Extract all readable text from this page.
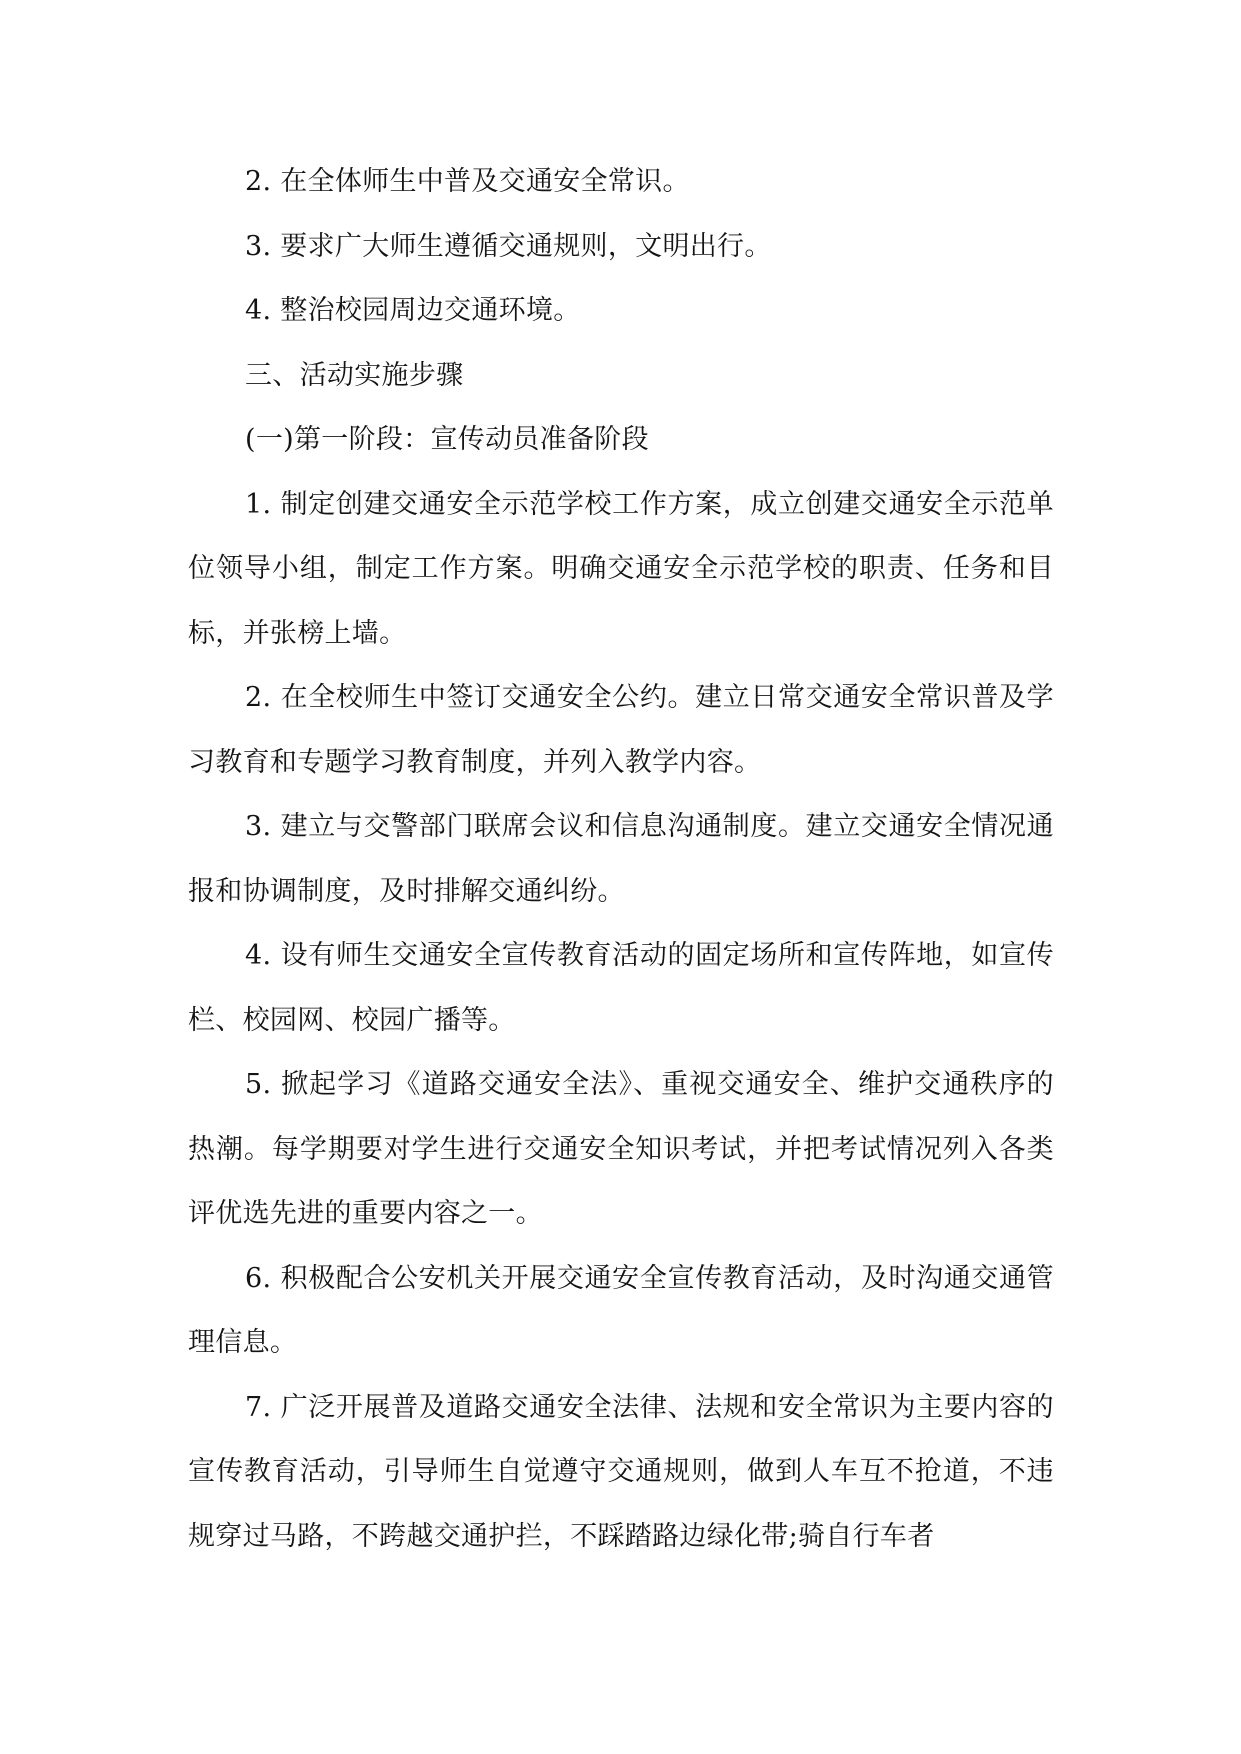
2. 在全体师生中普及交通安全常识。

3. 要求广大师生遵循交通规则，文明出行。

4. 整治校园周边交通环境。

三、活动实施步骤

(一)第一阶段：宣传动员准备阶段

1. 制定创建交通安全示范学校工作方案，成立创建交通安全示范单位领导小组，制定工作方案。明确交通安全示范学校的职责、任务和目标，并张榜上墙。

2. 在全校师生中签订交通安全公约。建立日常交通安全常识普及学习教育和专题学习教育制度，并列入教学内容。

3. 建立与交警部门联席会议和信息沟通制度。建立交通安全情况通报和协调制度，及时排解交通纠纷。

4. 设有师生交通安全宣传教育活动的固定场所和宣传阵地，如宣传栏、校园网、校园广播等。

5. 掀起学习《道路交通安全法》、重视交通安全、维护交通秩序的热潮。每学期要对学生进行交通安全知识考试，并把考试情况列入各类评优选先进的重要内容之一。

6. 积极配合公安机关开展交通安全宣传教育活动，及时沟通交通管理信息。

7. 广泛开展普及道路交通安全法律、法规和安全常识为主要内容的宣传教育活动，引导师生自觉遵守交通规则，做到人车互不抢道，不违规穿过马路，不跨越交通护拦，不踩踏路边绿化带;骑自行车者
